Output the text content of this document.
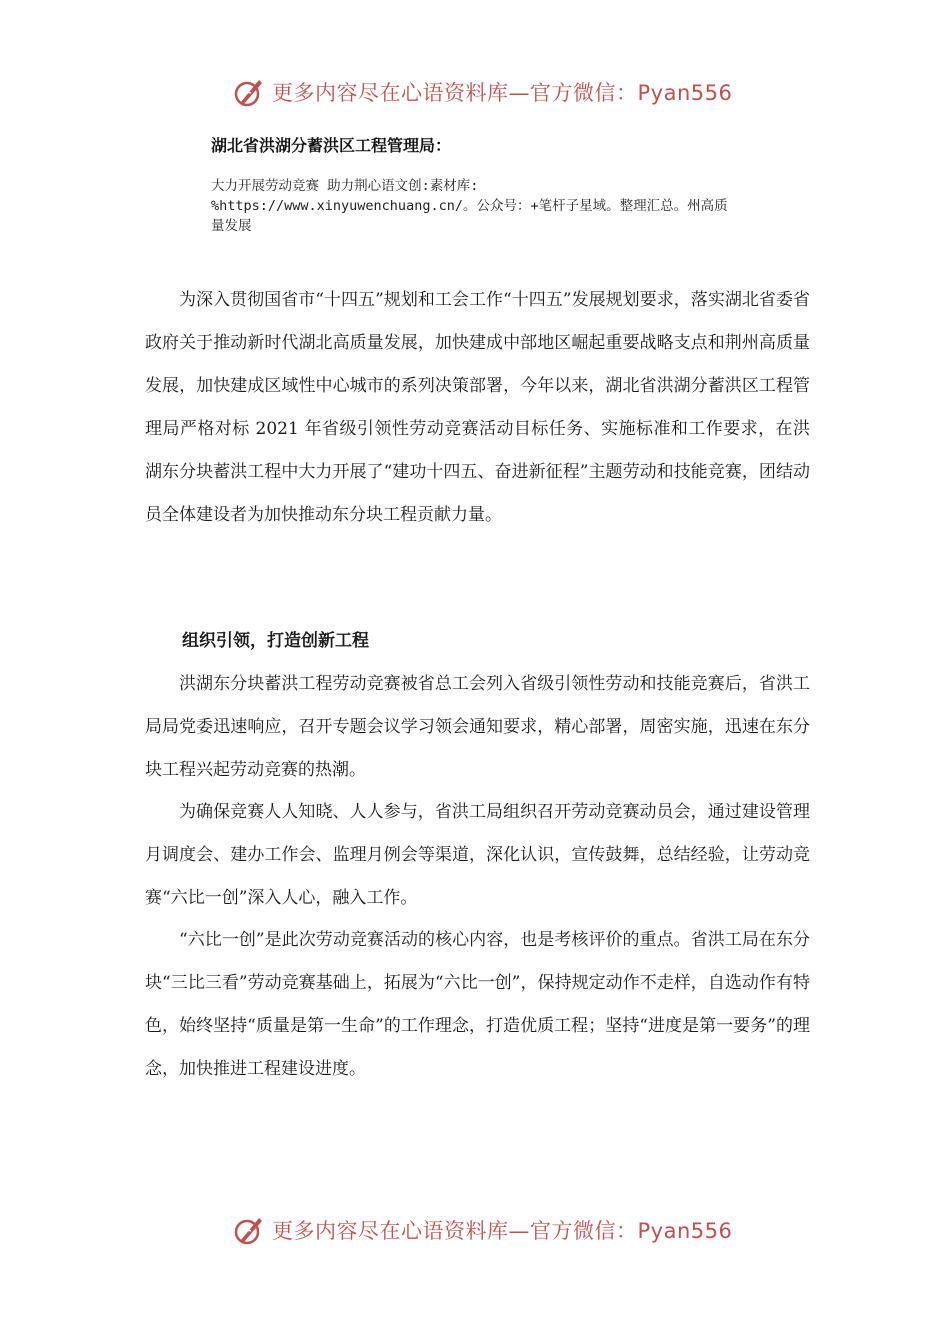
更多内容尽在心语资料库—官方微信：Pyan556
湖北省洪湖分蓄洪区工程管理局：
大力开展劳动竞赛 助力荆心语文创:素材库:
%https://www.xinyuwenchuang.cn/。公众号：+笔杆子星域。整理汇总。州高质
量发展

为深入贯彻国省市“十四五”规划和工会工作“十四五”发展规划要求，落实湖北省委省政府关于推动新时代湖北高质量发展，加快建成中部地区崛起重要战略支点和荆州高质量发展，加快建成区域性中心城市的系列决策部署，今年以来，湖北省洪湖分蓄洪区工程管理局严格对标 2021 年省级引领性劳动竞赛活动目标任务、实施标准和工作要求，在洪湖东分块蓄洪工程中大力开展了“建功十四五、奋进新征程”主题劳动和技能竞赛，团结动员全体建设者为加快推动东分块工程贡献力量。

组织引领，打造创新工程

洪湖东分块蓄洪工程劳动竞赛被省总工会列入省级引领性劳动和技能竞赛后，省洪工局局党委迅速响应，召开专题会议学习领会通知要求，精心部署，周密实施，迅速在东分块工程兴起劳动竞赛的热潮。

为确保竞赛人人知晓、人人参与，省洪工局组织召开劳动竞赛动员会，通过建设管理月调度会、建办工作会、监理月例会等渠道，深化认识，宣传鼓舞，总结经验，让劳动竞赛“六比一创”深入人心，融入工作。

“六比一创”是此次劳动竞赛活动的核心内容，也是考核评价的重点。省洪工局在东分块“三比三看”劳动竞赛基础上，拓展为“六比一创”，保持规定动作不走样，自选动作有特色，始终坚持“质量是第一生命”的工作理念，打造优质工程；坚持“进度是第一要务”的理念，加快推进工程建设进度。

更多内容尽在心语资料库—官方微信：Pyan556
